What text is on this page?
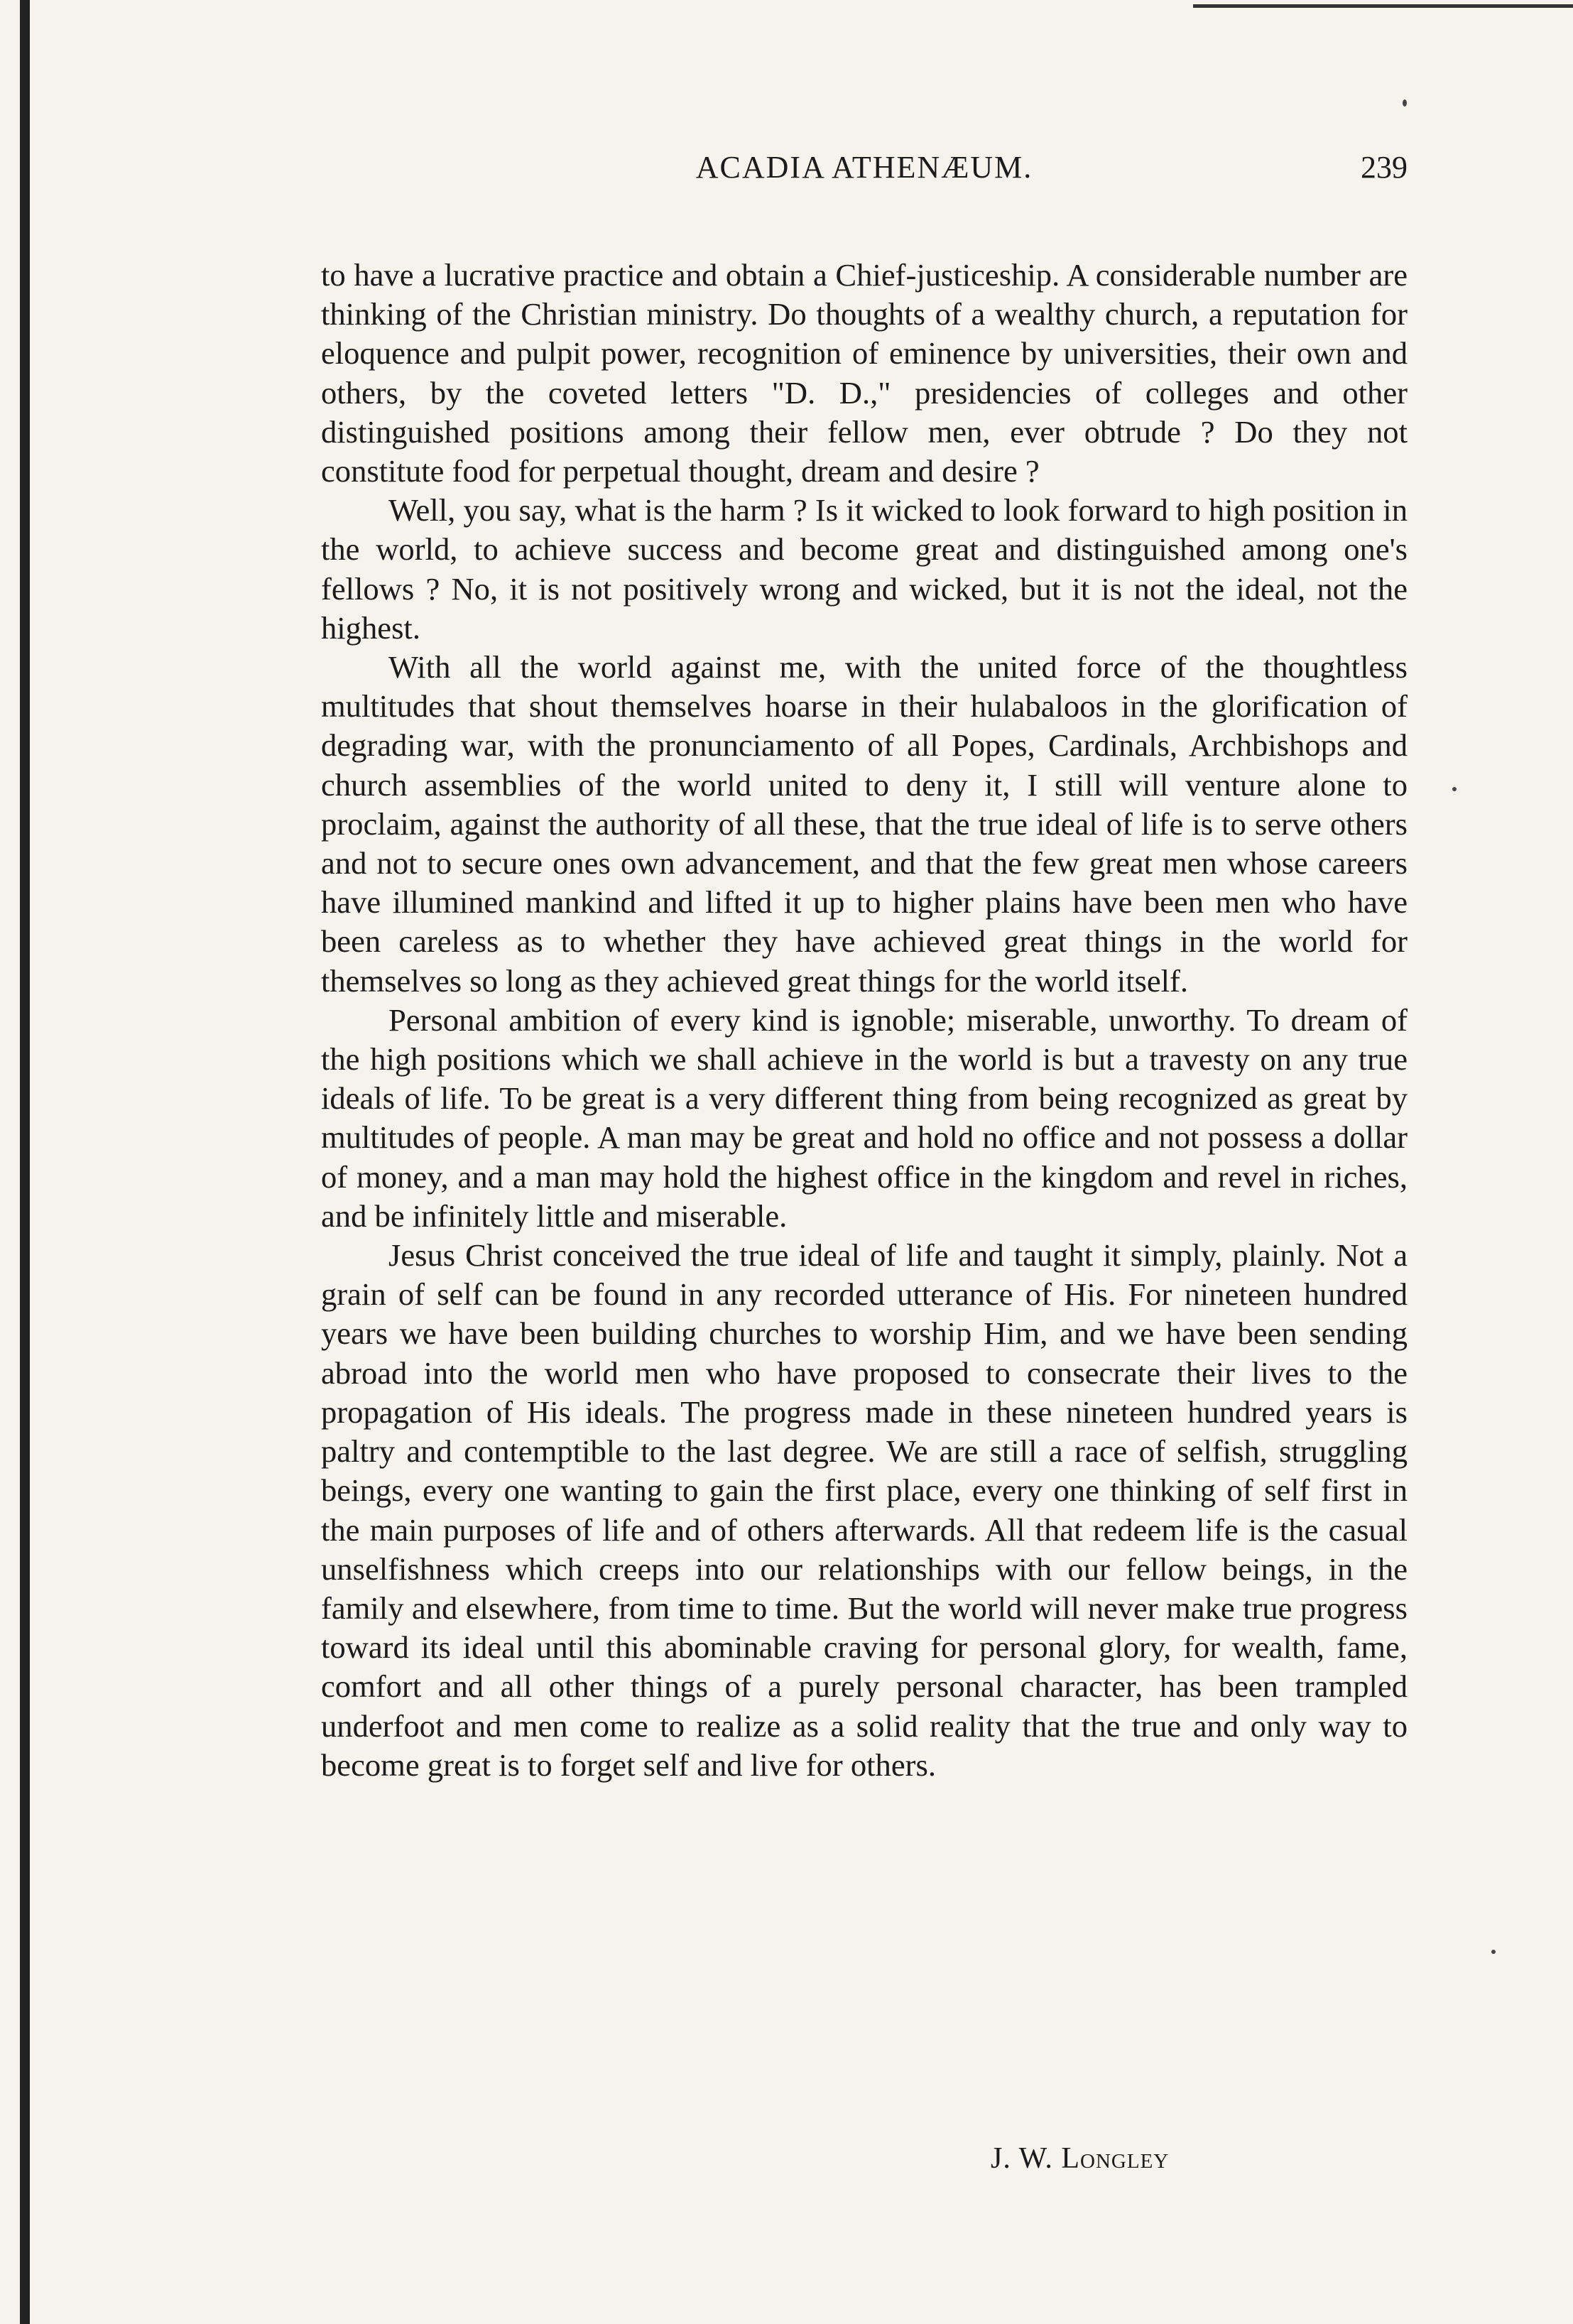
ACADIA ATHENÆUM.	239

to have a lucrative practice and obtain a Chief-justiceship. A considerable number are thinking of the Christian ministry. Do thoughts of a wealthy church, a reputation for eloquence and pulpit power, recognition of eminence by universities, their own and others, by the coveted letters "D. D.," presidencies of colleges and other distinguished positions among their fellow men, ever obtrude ? Do they not constitute food for perpetual thought, dream and desire ?

Well, you say, what is the harm ? Is it wicked to look forward to high position in the world, to achieve success and become great and distinguished among one's fellows ? No, it is not positively wrong and wicked, but it is not the ideal, not the highest.

With all the world against me, with the united force of the thoughtless multitudes that shout themselves hoarse in their hulabaloos in the glorification of degrading war, with the pronunciamento of all Popes, Cardinals, Archbishops and church assemblies of the world united to deny it, I still will venture alone to proclaim, against the authority of all these, that the true ideal of life is to serve others and not to secure ones own advancement, and that the few great men whose careers have illumined mankind and lifted it up to higher plains have been men who have been careless as to whether they have achieved great things in the world for themselves so long as they achieved great things for the world itself.

Personal ambition of every kind is ignoble; miserable, unworthy. To dream of the high positions which we shall achieve in the world is but a travesty on any true ideals of life. To be great is a very different thing from being recognized as great by multitudes of people. A man may be great and hold no office and not possess a dollar of money, and a man may hold the highest office in the kingdom and revel in riches, and be infinitely little and miserable.

Jesus Christ conceived the true ideal of life and taught it simply, plainly. Not a grain of self can be found in any recorded utterance of His. For nineteen hundred years we have been building churches to worship Him, and we have been sending abroad into the world men who have proposed to consecrate their lives to the propagation of His ideals. The progress made in these nineteen hundred years is paltry and contemptible to the last degree. We are still a race of selfish, struggling beings, every one wanting to gain the first place, every one thinking of self first in the main purposes of life and of others afterwards. All that redeem life is the casual unselfishness which creeps into our relationships with our fellow beings, in the family and elsewhere, from time to time. But the world will never make true progress toward its ideal until this abominable craving for personal glory, for wealth, fame, comfort and all other things of a purely personal character, has been trampled underfoot and men come to realize as a solid reality that the true and only way to become great is to forget self and live for others.

J. W. Longley
